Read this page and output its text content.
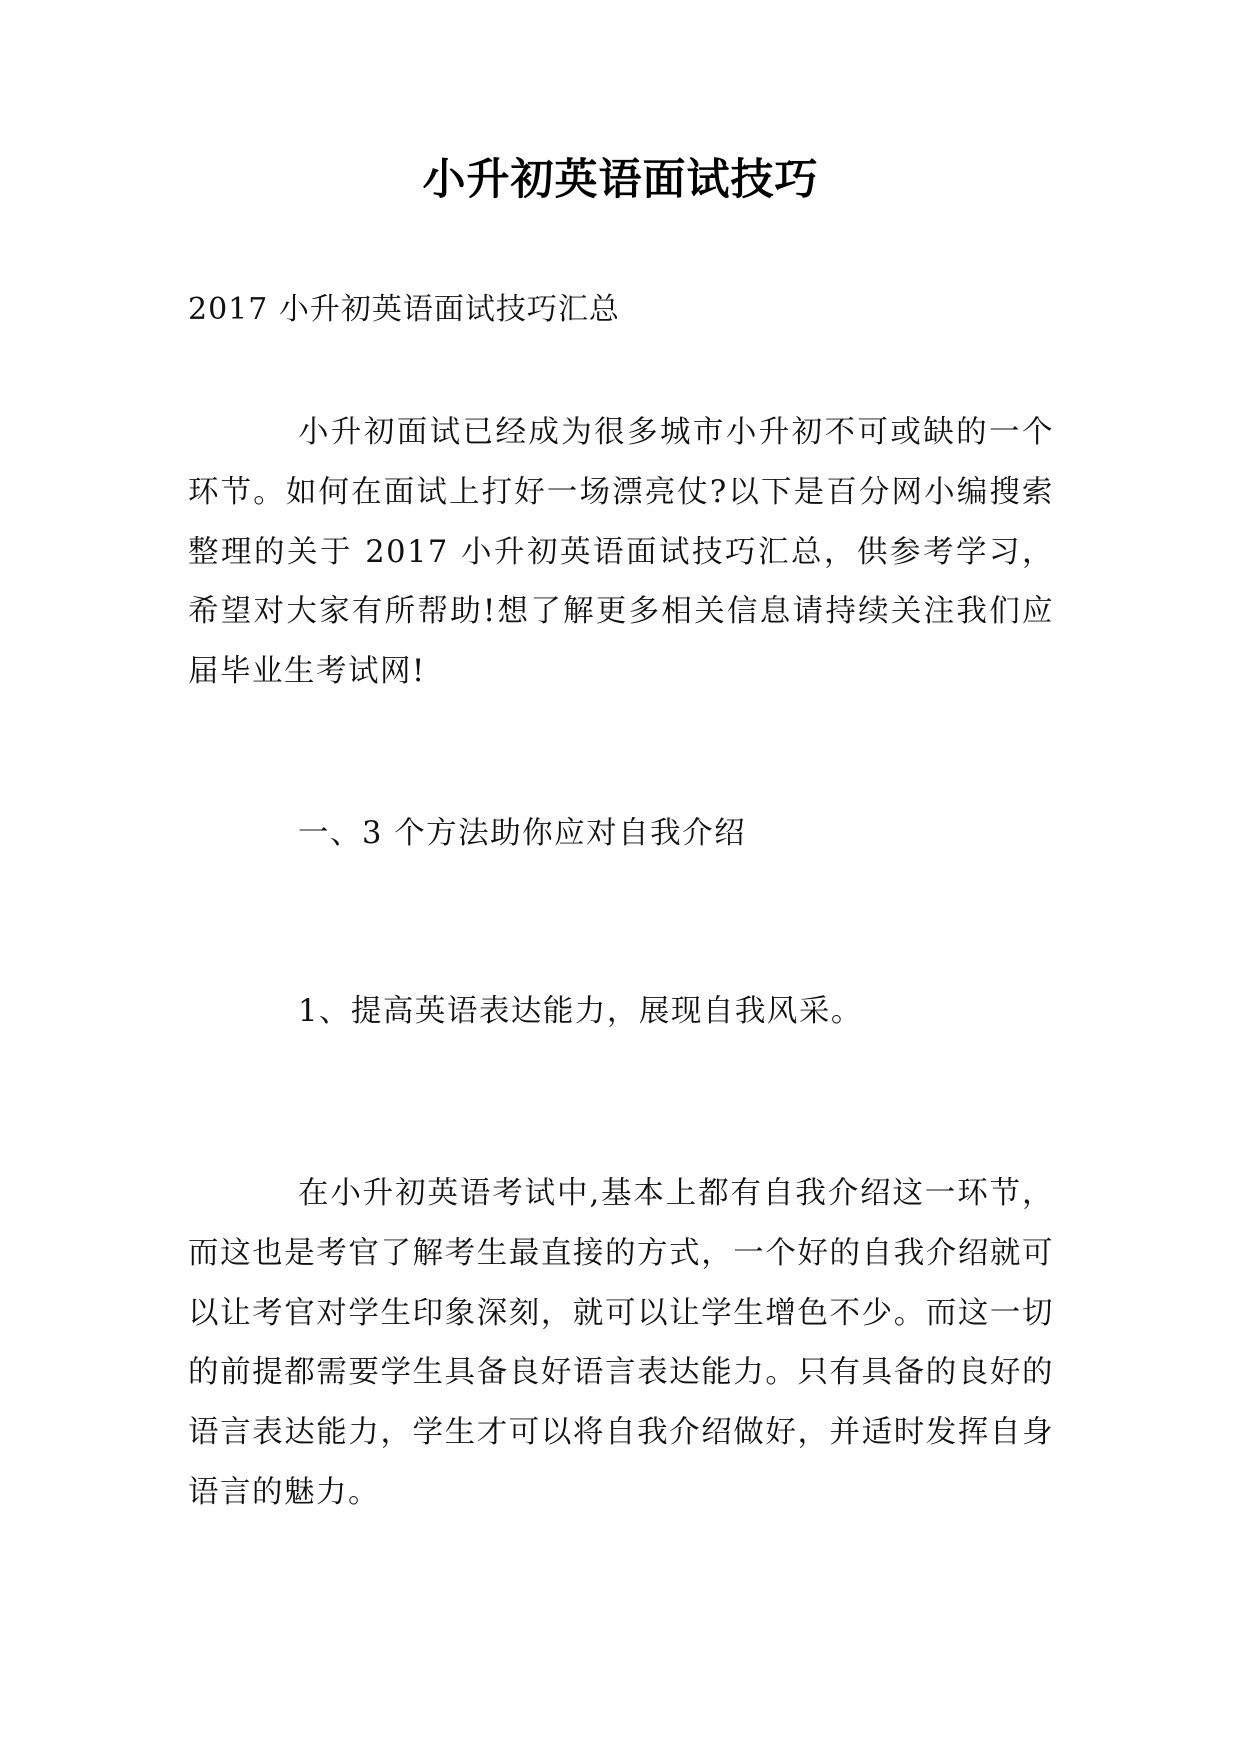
小升初英语面试技巧

2017 小升初英语面试技巧汇总

小升初面试已经成为很多城市小升初不可或缺的一个环节。如何在面试上打好一场漂亮仗?以下是百分网小编搜索整理的关于 2017 小升初英语面试技巧汇总，供参考学习，希望对大家有所帮助!想了解更多相关信息请持续关注我们应届毕业生考试网!

一、3 个方法助你应对自我介绍

1、提高英语表达能力，展现自我风采。

在小升初英语考试中,基本上都有自我介绍这一环节，而这也是考官了解考生最直接的方式，一个好的自我介绍就可以让考官对学生印象深刻，就可以让学生增色不少。而这一切的前提都需要学生具备良好语言表达能力。只有具备的良好的语言表达能力，学生才可以将自我介绍做好，并适时发挥自身语言的魅力。
